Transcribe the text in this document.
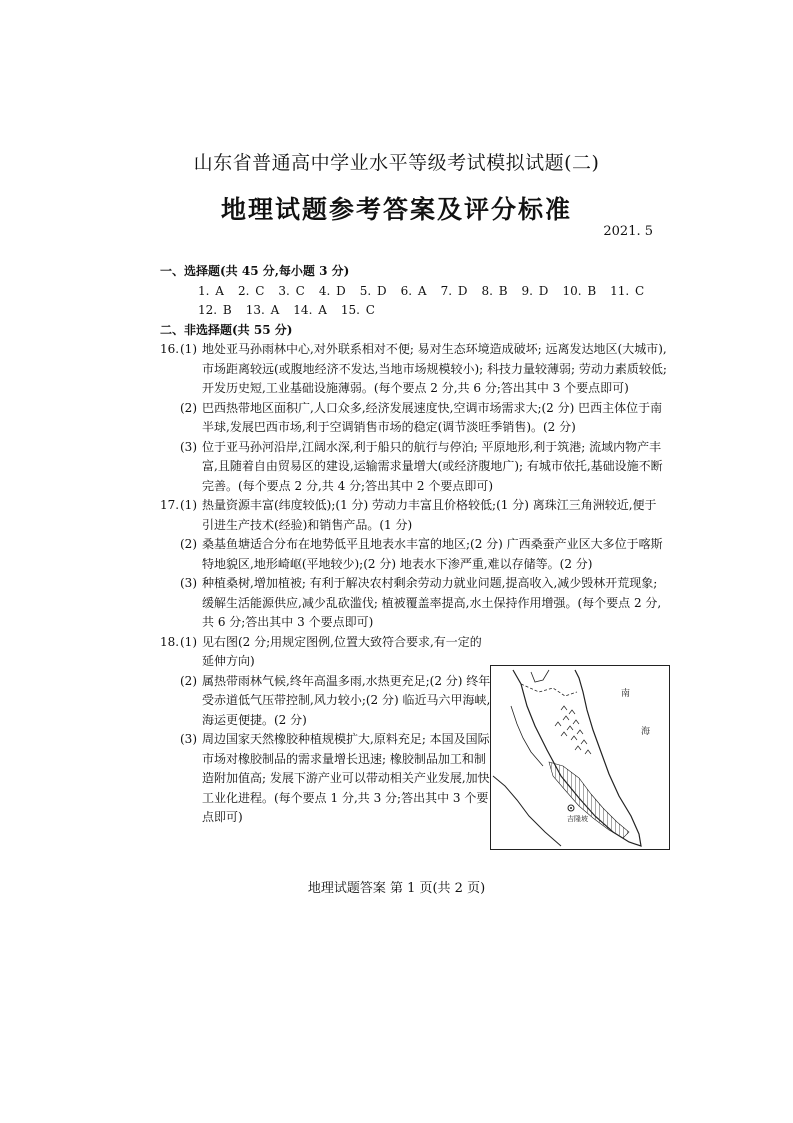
山东省普通高中学业水平等级考试模拟试题(二)
地理试题参考答案及评分标准
2021. 5
一、选择题(共 45 分,每小题 3 分)
1. A 2. C 3. C 4. D 5. D 6. A 7. D 8. B 9. D 10. B 11. C
12. B 13. A 14. A 15. C
二、非选择题(共 55 分)
16. (1) 地处亚马孙雨林中心,对外联系相对不便; 易对生态环境造成破坏; 远离发达地区(大城市),市场距离较远(或腹地经济不发达,当地市场规模较小); 科技力量较薄弱; 劳动力素质较低; 开发历史短,工业基础设施薄弱。(每个要点 2 分,共 6 分;答出其中 3 个要点即可)
(2) 巴西热带地区面积广,人口众多,经济发展速度快,空调市场需求大;(2 分) 巴西主体位于南半球,发展巴西市场,利于空调销售市场的稳定(调节淡旺季销售)。(2 分)
(3) 位于亚马孙河沿岸,江阔水深,利于船只的航行与停泊; 平原地形,利于筑港; 流域内物产丰富,且随着自由贸易区的建设,运输需求量增大(或经济腹地广); 有城市依托,基础设施不断完善。(每个要点 2 分,共 4 分;答出其中 2 个要点即可)
17. (1) 热量资源丰富(纬度较低);(1 分) 劳动力丰富且价格较低;(1 分) 离珠江三角洲较近,便于引进生产技术(经验)和销售产品。(1 分)
(2) 桑基鱼塘适合分布在地势低平且地表水丰富的地区;(2 分) 广西桑蚕产业区大多位于喀斯特地貌区,地形崎岖(平地较少);(2 分) 地表水下渗严重,难以存储等。(2 分)
(3) 种植桑树,增加植被; 有利于解决农村剩余劳动力就业问题,提高收入,减少毁林开荒现象; 缓解生活能源供应,减少乱砍滥伐; 植被覆盖率提高,水土保持作用增强。(每个要点 2 分,共 6 分;答出其中 3 个要点即可)
18. (1) 见右图(2 分;用规定图例,位置大致符合要求,有一定的延伸方向)
(2) 属热带雨林气候,终年高温多雨,水热更充足;(2 分) 终年受赤道低气压带控制,风力较小;(2 分) 临近马六甲海峡,海运更便捷。(2 分)
(3) 周边国家天然橡胶种植规模扩大,原料充足; 本国及国际市场对橡胶制品的需求量增长迅速; 橡胶制品加工和制造附加值高; 发展下游产业可以带动相关产业发展,加快工业化进程。(每个要点 1 分,共 3 分;答出其中 3 个要点即可)	吉隆坡
南
海
地理试题答案 第 1 页(共 2 页)
